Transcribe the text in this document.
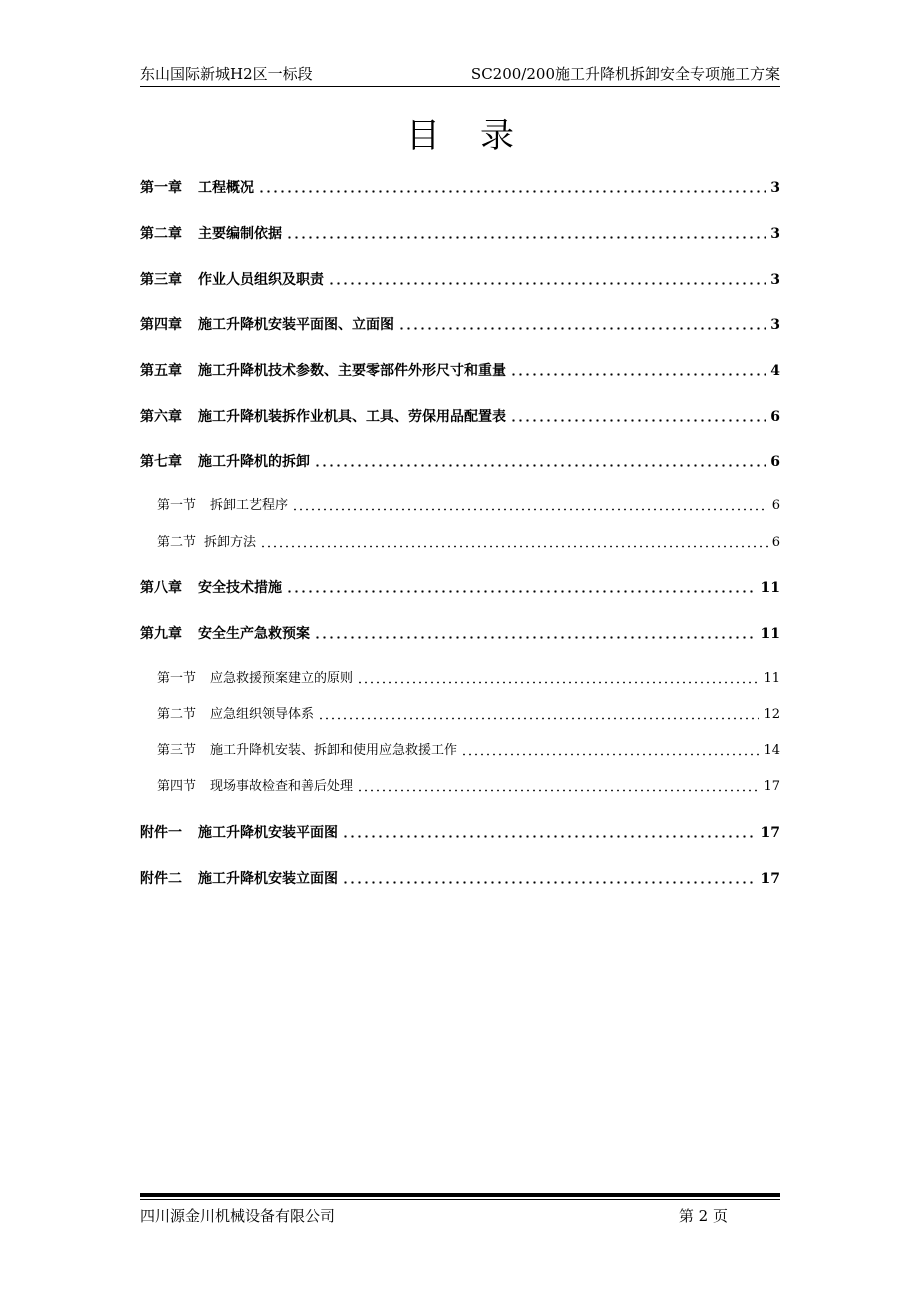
东山国际新城H2区一标段	SC200/200施工升降机拆卸安全专项施工方案
目 录
第一章 工程概况	3
第二章 主要编制依据	3
第三章 作业人员组织及职责	3
第四章 施工升降机安装平面图、立面图	3
第五章 施工升降机技术参数、主要零部件外形尺寸和重量	4
第六章 施工升降机装拆作业机具、工具、劳保用品配置表	6
第七章 施工升降机的拆卸	6
第一节 拆卸工艺程序	6
第二节 拆卸方法	6
第八章 安全技术措施	11
第九章 安全生产急救预案	11
第一节 应急救援预案建立的原则	11
第二节 应急组织领导体系	12
第三节 施工升降机安装、拆卸和使用应急救援工作	14
第四节 现场事故检查和善后处理	17
附件一 施工升降机安装平面图	17
附件二 施工升降机安装立面图	17
四川源金川机械设备有限公司	第 2 页
